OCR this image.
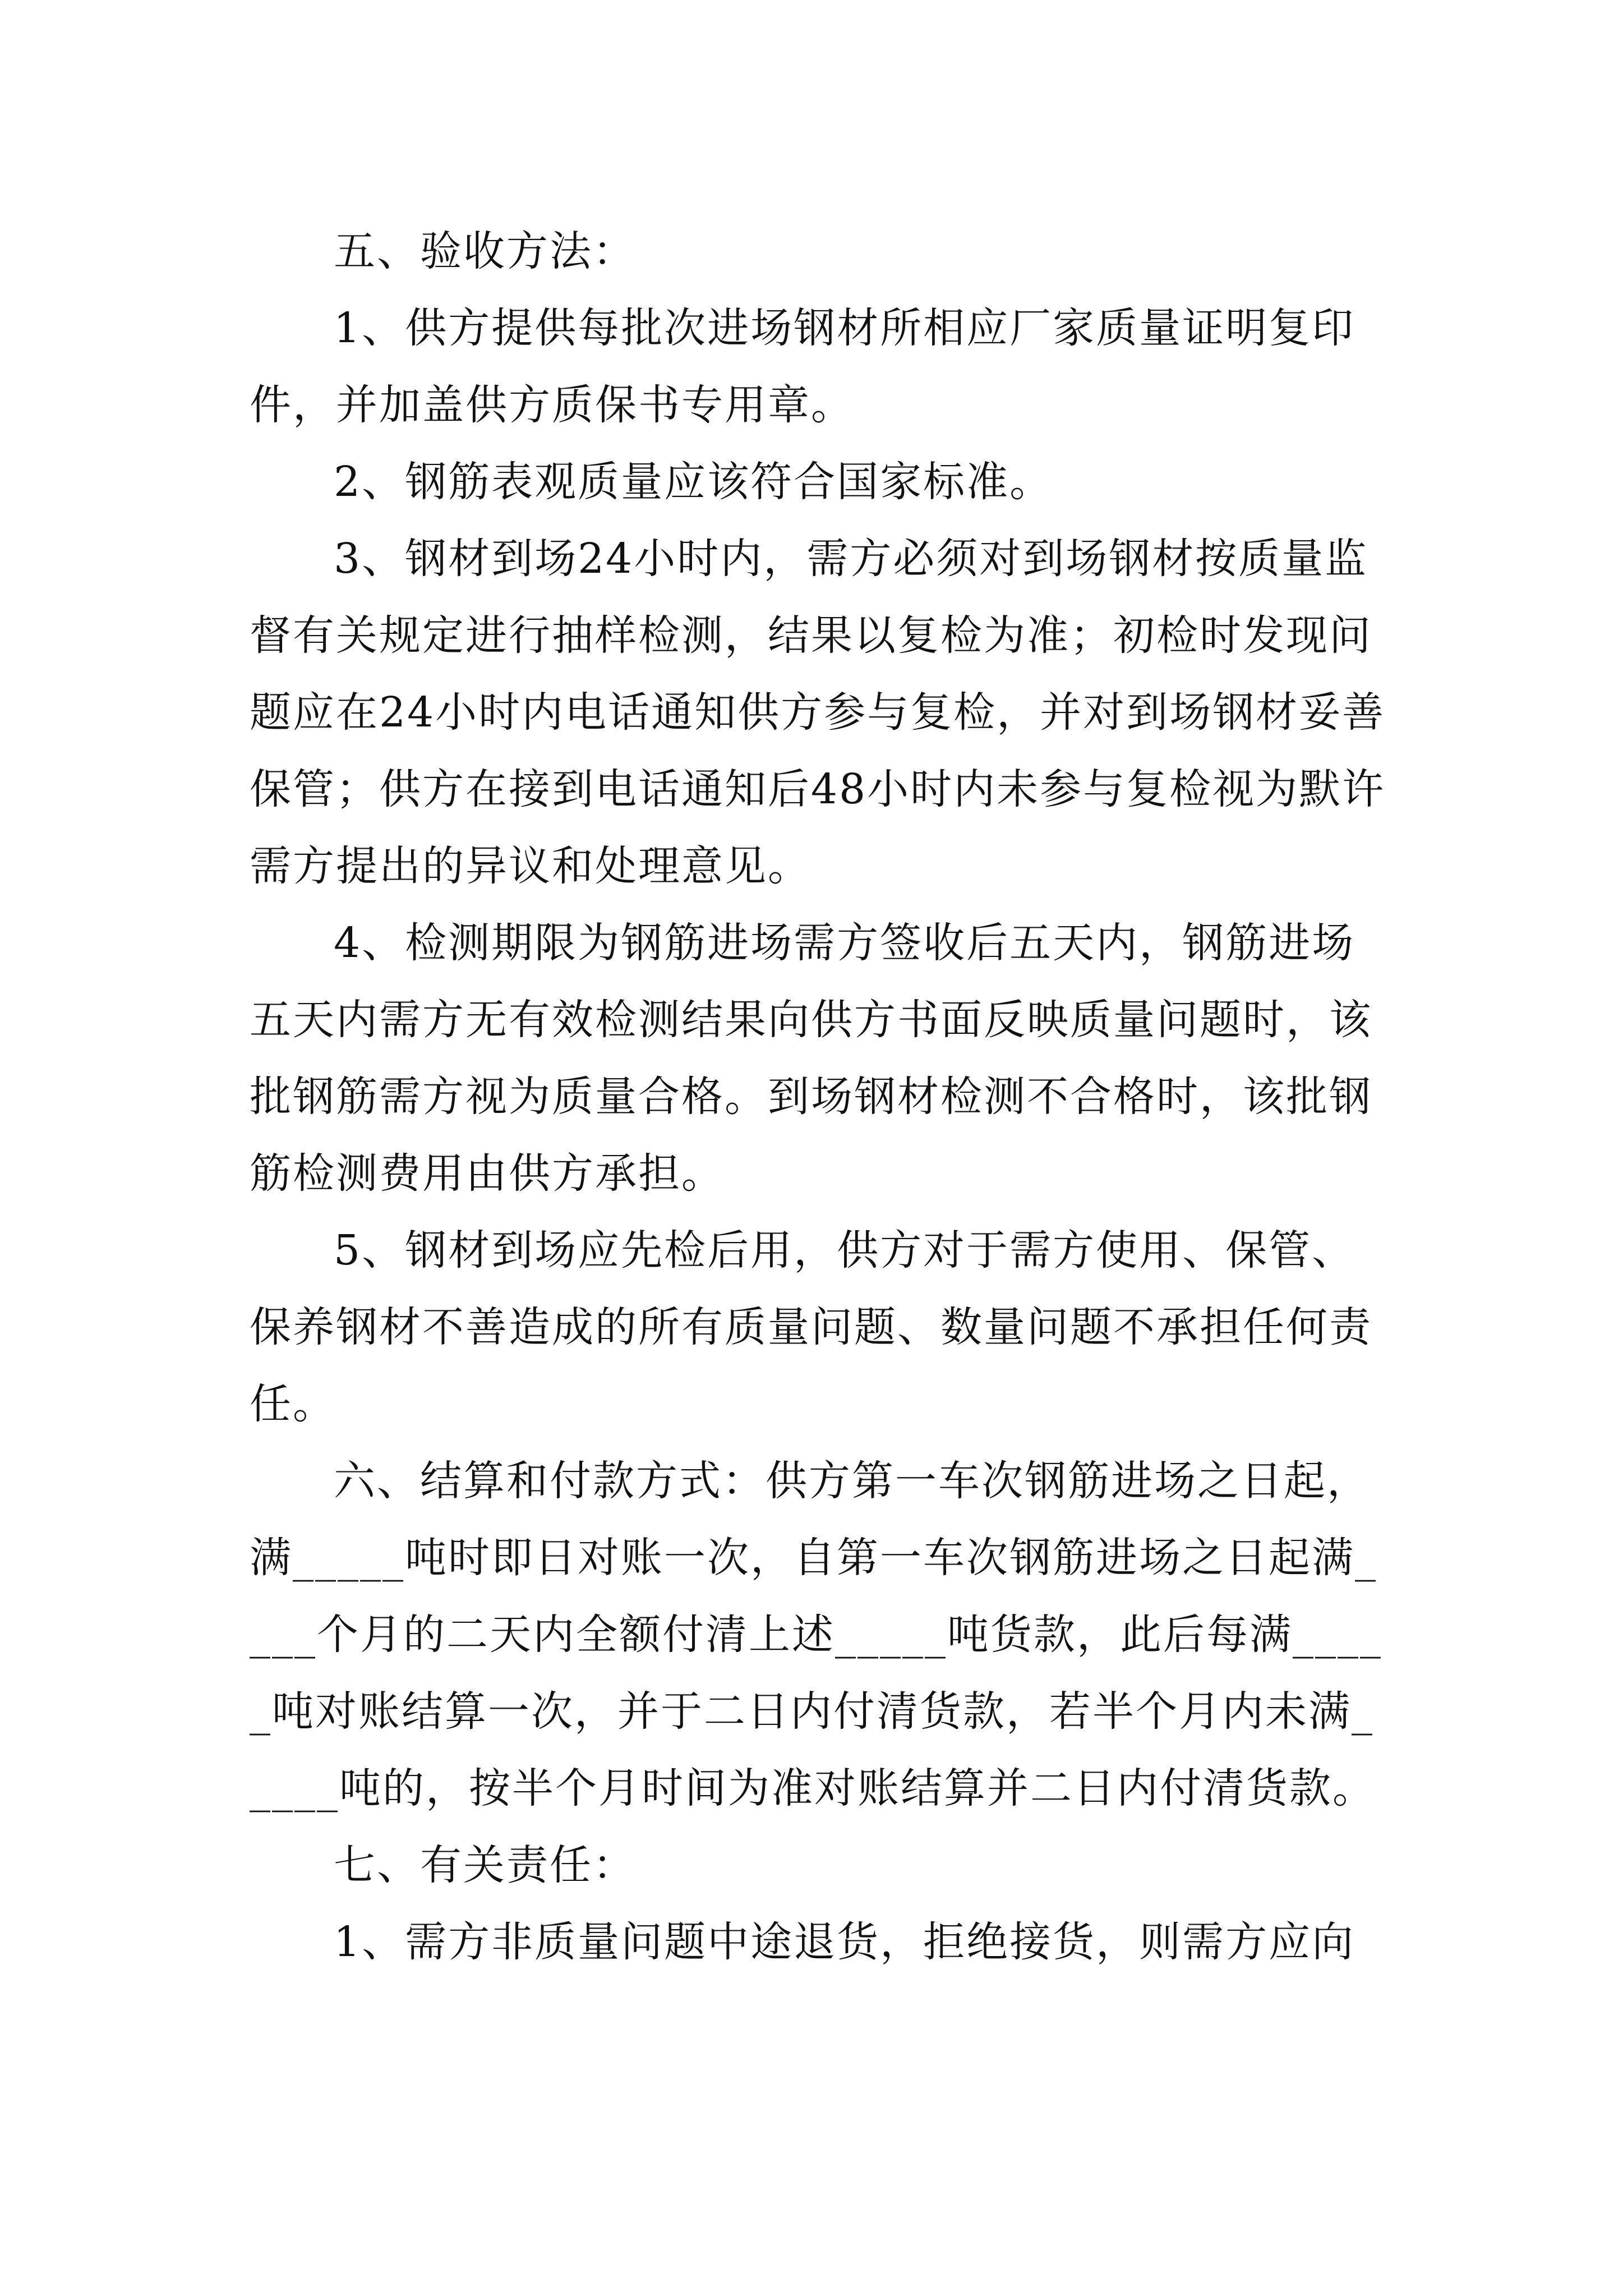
五、验收方法：

1、供方提供每批次进场钢材所相应厂家质量证明复印件，并加盖供方质保书专用章。

2、钢筋表观质量应该符合国家标准。

3、钢材到场24小时内，需方必须对到场钢材按质量监督有关规定进行抽样检测，结果以复检为准；初检时发现问题应在24小时内电话通知供方参与复检，并对到场钢材妥善保管；供方在接到电话通知后48小时内未参与复检视为默许需方提出的异议和处理意见。

4、检测期限为钢筋进场需方签收后五天内，钢筋进场五天内需方无有效检测结果向供方书面反映质量问题时，该批钢筋需方视为质量合格。到场钢材检测不合格时，该批钢筋检测费用由供方承担。

5、钢材到场应先检后用，供方对于需方使用、保管、保养钢材不善造成的所有质量问题、数量问题不承担任何责任。

六、结算和付款方式：供方第一车次钢筋进场之日起，满_____吨时即日对账一次，自第一车次钢筋进场之日起满____个月的二天内全额付清上述_____吨货款，此后每满_____吨对账结算一次，并于二日内付清货款，若半个月内未满_____吨的，按半个月时间为准对账结算并二日内付清货款。

七、有关责任：

1、需方非质量问题中途退货，拒绝接货，则需方应向
